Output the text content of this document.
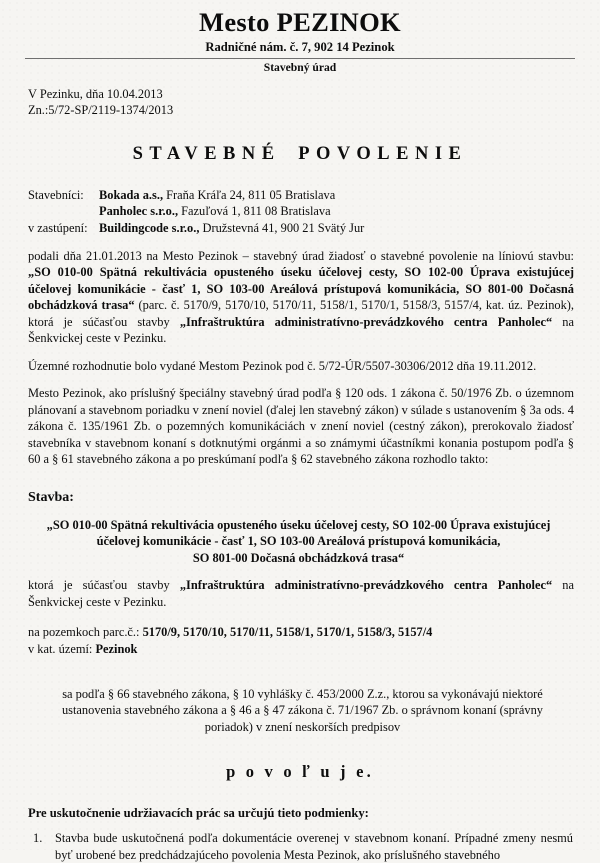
Mesto PEZINOK
Radničné nám. č. 7, 902 14 Pezinok
Stavebný úrad
V Pezinku, dňa 10.04.2013
Zn.:5/72-SP/2119-1374/2013
STAVEBNÉ POVOLENIE
Stavebníci:	Bokada a.s., Fraňa Kráľa 24, 811 05 Bratislava
Panholec s.r.o., Fazuľová 1, 811 08 Bratislava
v zastúpení: Buildingcode s.r.o., Družstevná 41, 900 21 Svätý Jur

podali dňa 21.01.2013 na Mesto Pezinok – stavebný úrad žiadosť o stavebné povolenie na líniovú stavbu: „SO 010-00 Spätná rekultivácia opusteného úseku účelovej cesty, SO 102-00 Úprava existujúcej účelovej komunikácie - časť 1, SO 103-00 Areálová prístupová komunikácia, SO 801-00 Dočasná obchádzková trasa“ (parc. č. 5170/9, 5170/10, 5170/11, 5158/1, 5170/1, 5158/3, 5157/4, kat. úz. Pezinok), ktorá je súčasťou stavby „Infraštruktúra administratívno-prevádzkového centra Panholec“ na Šenkvickej ceste v Pezinku.

Územné rozhodnutie bolo vydané Mestom Pezinok pod č. 5/72-ÚR/5507-30306/2012 dňa 19.11.2012.

Mesto Pezinok, ako príslušný špeciálny stavebný úrad podľa § 120 ods. 1 zákona č. 50/1976 Zb. o územnom plánovaní a stavebnom poriadku v znení noviel (ďalej len stavebný zákon) v súlade s ustanovením § 3a ods. 4 zákona č. 135/1961 Zb. o pozemných komunikáciách v znení noviel (cestný zákon), prerokovalo žiadosť stavebníka v stavebnom konaní s dotknutými orgánmi a so známymi účastníkmi konania postupom podľa § 60 a § 61 stavebného zákona a po preskúmaní podľa § 62 stavebného zákona rozhodlo takto:

Stavba:
„SO 010-00 Spätná rekultivácia opusteného úseku účelovej cesty, SO 102-00 Úprava existujúcej
účelovej komunikácie - časť 1, SO 103-00 Areálová prístupová komunikácia,
SO 801-00 Dočasná obchádzková trasa“

ktorá je súčasťou stavby „Infraštruktúra administratívno-prevádzkového centra Panholec“ na Šenkvickej ceste v Pezinku.

na pozemkoch parc.č.: 5170/9, 5170/10, 5170/11, 5158/1, 5170/1, 5158/3, 5157/4
v kat. území: Pezinok
sa podľa § 66 stavebného zákona, § 10 vyhlášky č. 453/2000 Z.z., ktorou sa vykonávajú niektoré ustanovenia stavebného zákona a § 46 a § 47 zákona č. 71/1967 Zb. o správnom konaní (správny poriadok) v znení neskorších predpisov
p o v o ľ u j e.
Pre uskutočnenie udržiavacích prác sa určujú tieto podmienky:
1.	Stavba bude uskutočnená podľa dokumentácie overenej v stavebnom konaní. Prípadné zmeny nesmú byť urobené bez predchádzajúceho povolenia Mesta Pezinok, ako príslušného stavebného
